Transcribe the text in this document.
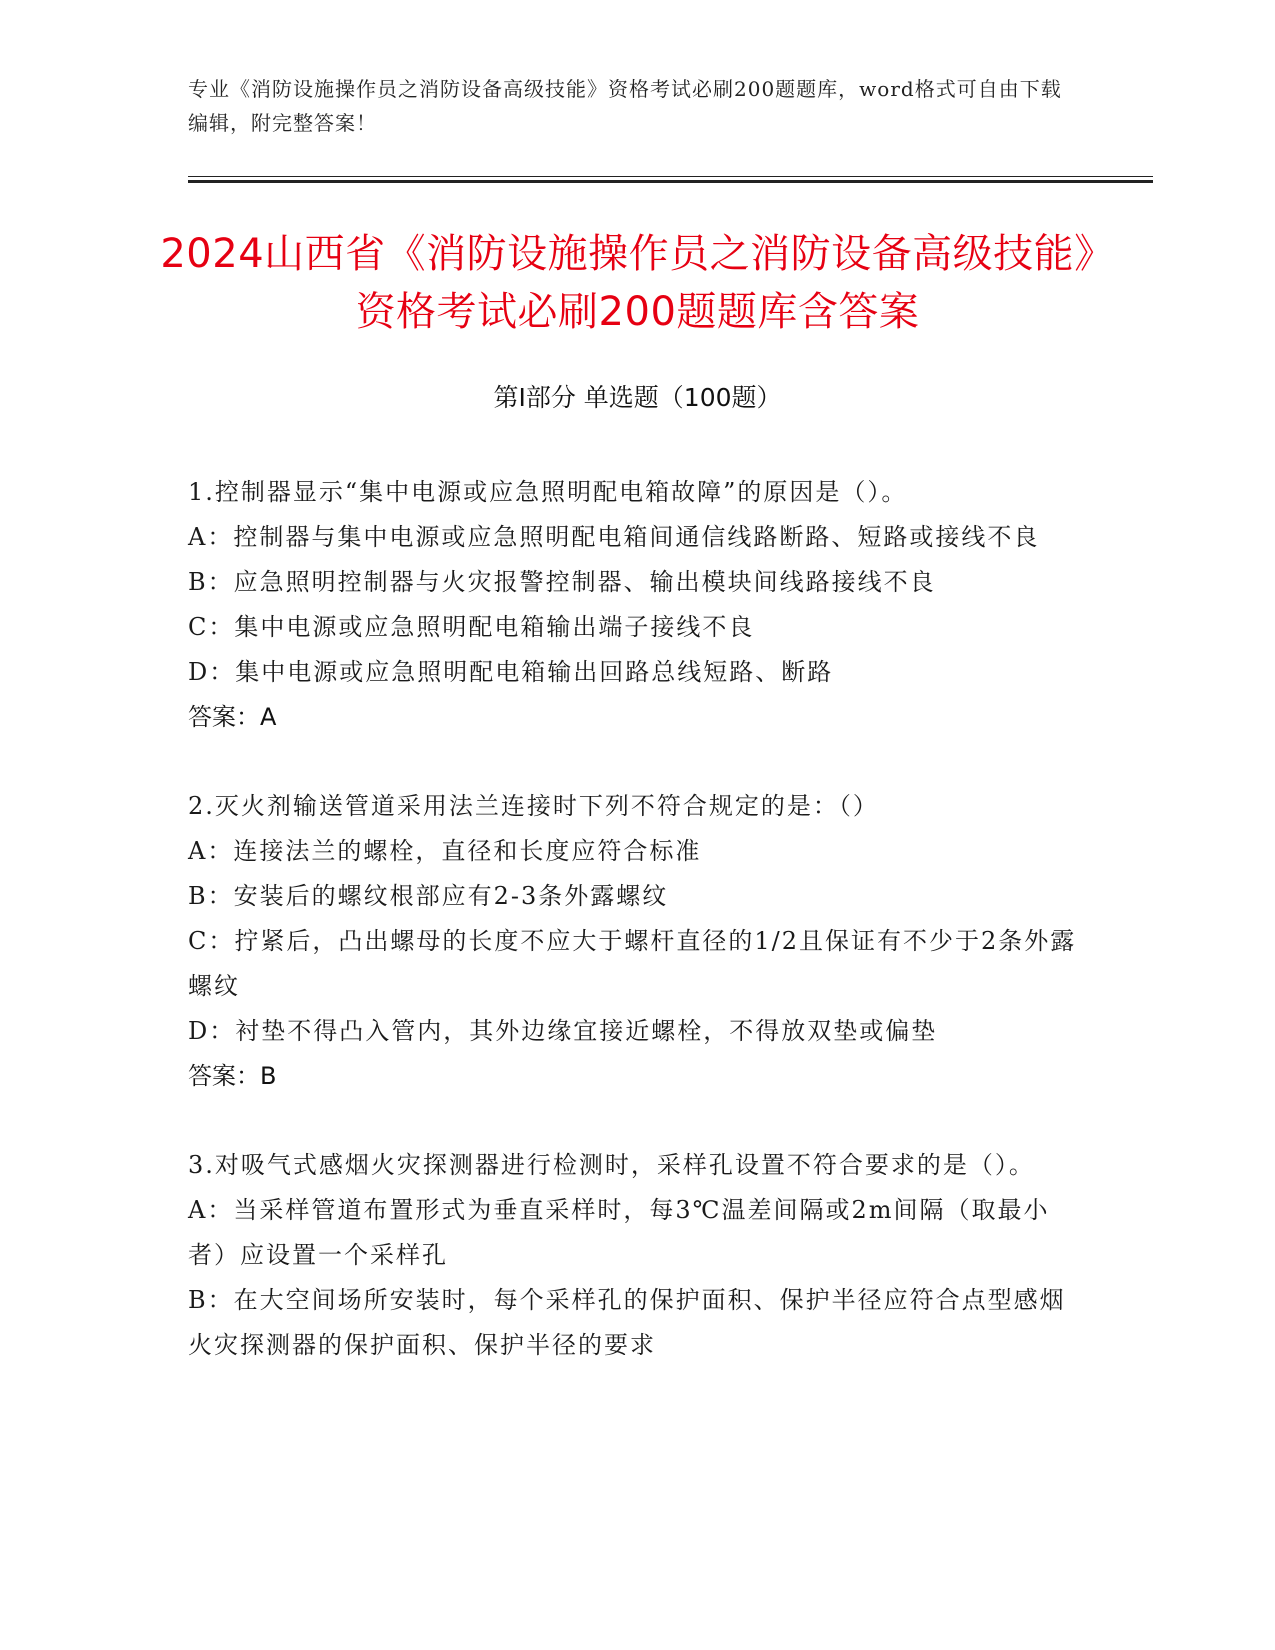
专业《消防设施操作员之消防设备高级技能》资格考试必刷200题题库，word格式可自由下载编辑，附完整答案！
2024山西省《消防设施操作员之消防设备高级技能》资格考试必刷200题题库含答案
第Ⅰ部分 单选题（100题）
1.控制器显示“集中电源或应急照明配电箱故障”的原因是（）。
A：控制器与集中电源或应急照明配电箱间通信线路断路、短路或接线不良
B：应急照明控制器与火灾报警控制器、输出模块间线路接线不良
C：集中电源或应急照明配电箱输出端子接线不良
D：集中电源或应急照明配电箱输出回路总线短路、断路
答案：A
2.灭火剂输送管道采用法兰连接时下列不符合规定的是：（）
A：连接法兰的螺栓，直径和长度应符合标准
B：安装后的螺纹根部应有2-3条外露螺纹
C：拧紧后，凸出螺母的长度不应大于螺杆直径的1/2且保证有不少于2条外露螺纹
D：衬垫不得凸入管内，其外边缘宜接近螺栓，不得放双垫或偏垫
答案：B
3.对吸气式感烟火灾探测器进行检测时，采样孔设置不符合要求的是（）。
A：当采样管道布置形式为垂直采样时，每3℃温差间隔或2m间隔（取最小者）应设置一个采样孔
B：在大空间场所安装时，每个采样孔的保护面积、保护半径应符合点型感烟火灾探测器的保护面积、保护半径的要求
